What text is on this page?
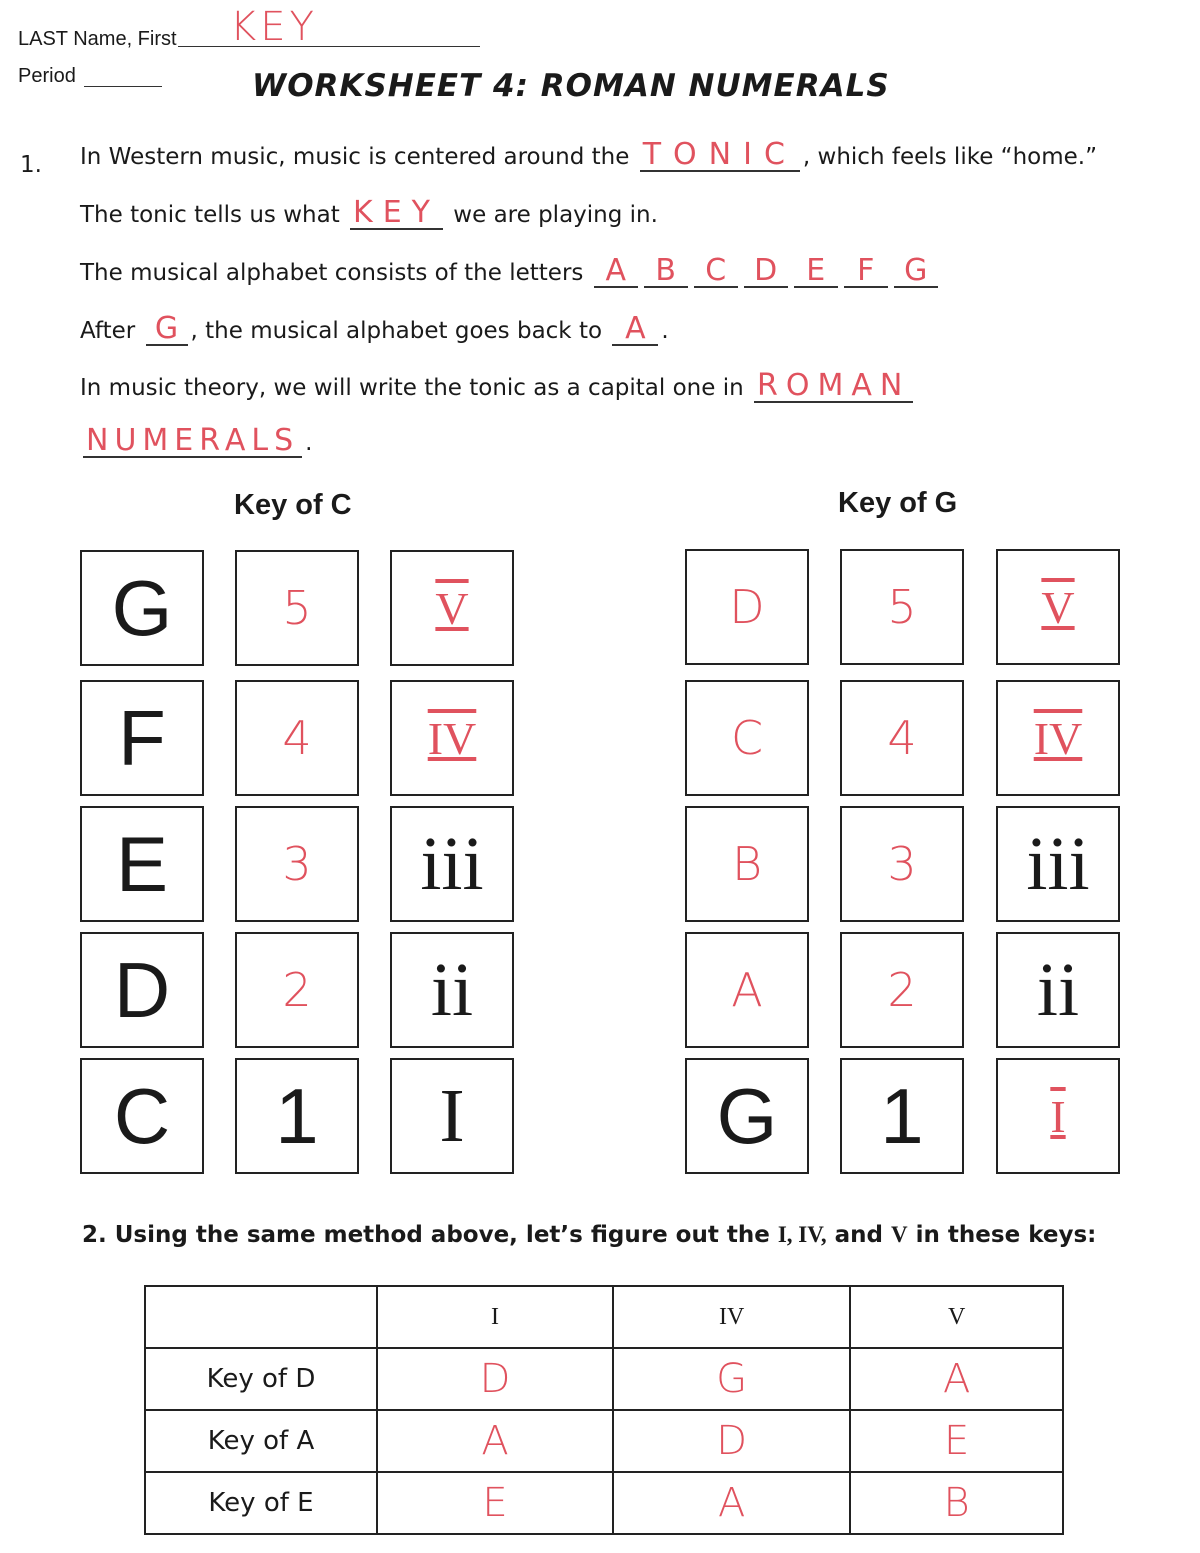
LAST Name, First KEY
Period	WORKSHEET 4: ROMAN NUMERALS
1. In Western music, music is centered around the TONIC , which feels like “home.”
The tonic tells us what KEY we are playing in.
The musical alphabet consists of the letters A B C D E F G
After G , the musical alphabet goes back to A .
In music theory, we will write the tonic as a capital one in ROMAN
NUMERALS .
Key of C	Key of G
G 5	V
F	4	IV
E 3 iii
D 2 ii
C 1 I
D	5	V
C	4	IV
B	3 iii
A	2 ii
G 1	I
2. Using the same method above, let’s figure out the I, IV, and V in these keys:
	I	IV	V
Key of D	D	G	A
Key of A	A	D	E
Key of E	E	A	B
